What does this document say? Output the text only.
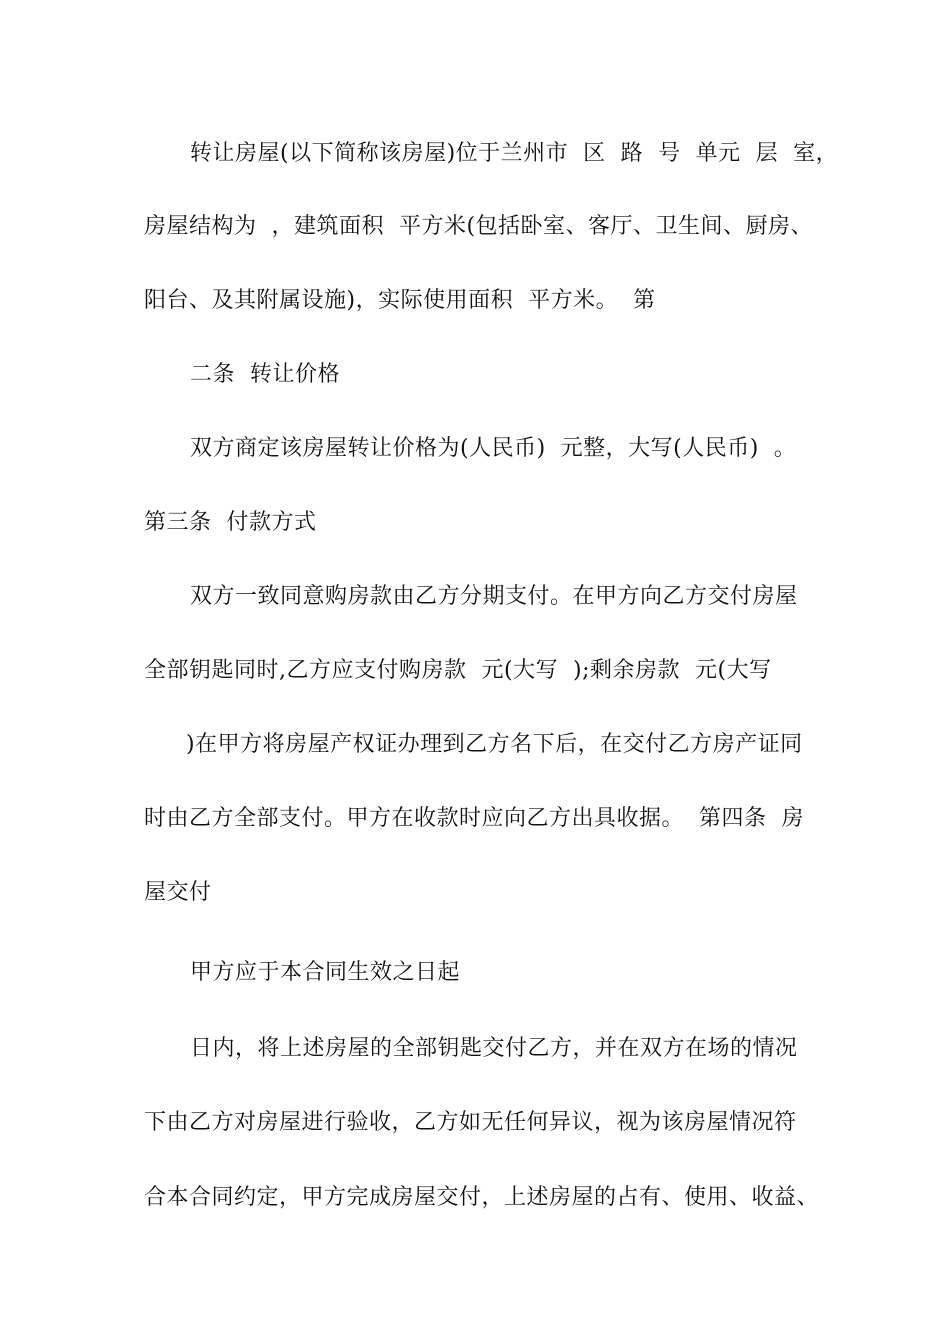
转让房屋(以下简称该房屋)位于兰州市  区  路  号  单元  层  室，
房屋结构为  ，建筑面积  平方米(包括卧室、客厅、卫生间、厨房、
阳台、及其附属设施)，实际使用面积  平方米。  第
二条  转让价格
双方商定该房屋转让价格为(人民币)  元整，大写(人民币)  。
第三条  付款方式
双方一致同意购房款由乙方分期支付。在甲方向乙方交付房屋
全部钥匙同时,乙方应支付购房款  元(大写  );剩余房款  元(大写
)在甲方将房屋产权证办理到乙方名下后，在交付乙方房产证同
时由乙方全部支付。甲方在收款时应向乙方出具收据。  第四条  房
屋交付
甲方应于本合同生效之日起
日内，将上述房屋的全部钥匙交付乙方，并在双方在场的情况
下由乙方对房屋进行验收，乙方如无任何异议，视为该房屋情况符
合本合同约定，甲方完成房屋交付，上述房屋的占有、使用、收益、
